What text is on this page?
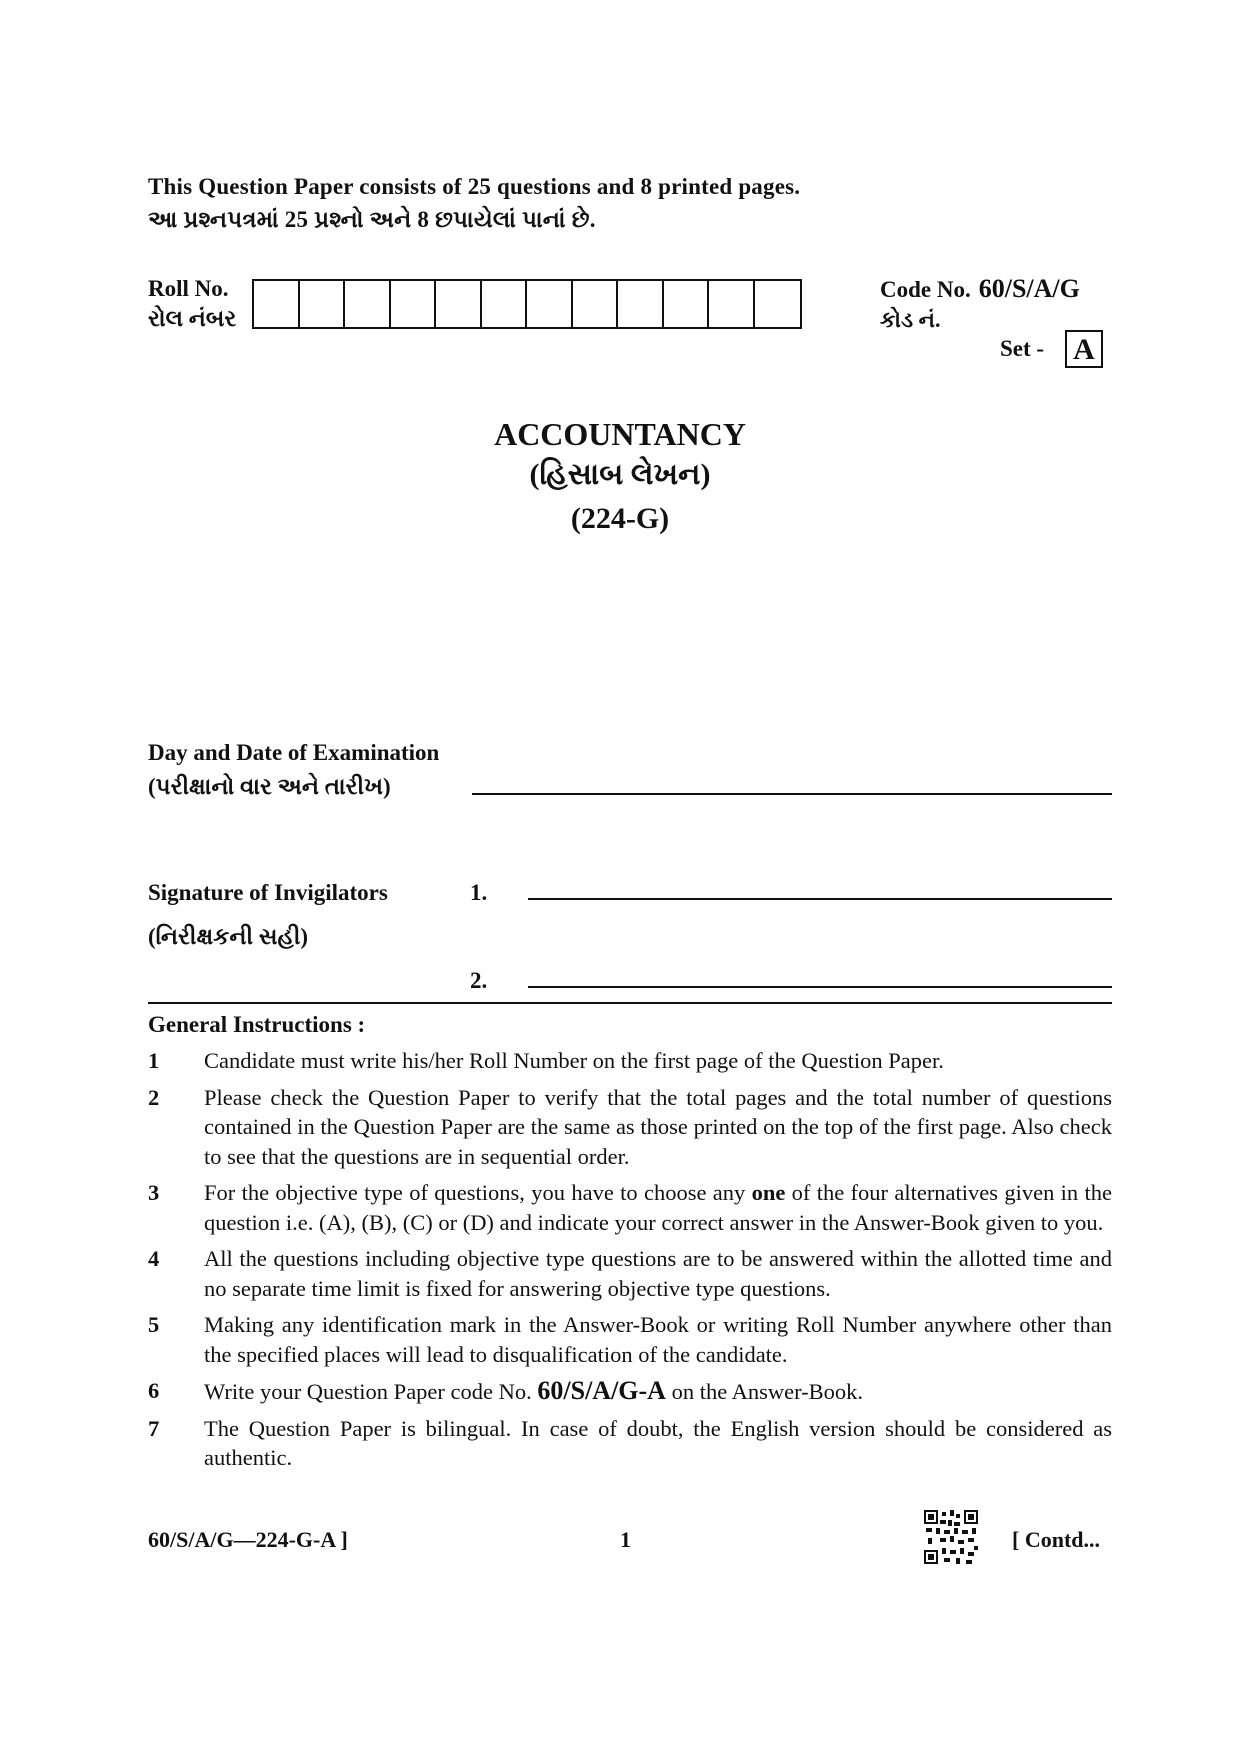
This Question Paper consists of 25 questions and 8 printed pages.
આ પ્રશ્નપત્રમાં 25 પ્રશ્નો અને 8 છપાયેલાં પાનાં છે.
Roll No.
રોલ નંબર
Code No. 60/S/A/G
કોડ નં.
Set - A
ACCOUNTANCY
(હિસાબ લેખન)
(224-G)
Day and Date of Examination
(પરીક્ષાનો વાર અને તારીખ)
Signature of Invigilators
(નિરીક્ષકની સહી)
1.
2.
General Instructions :
1	Candidate must write his/her Roll Number on the first page of the Question Paper.
2	Please check the Question Paper to verify that the total pages and the total number of questions contained in the Question Paper are the same as those printed on the top of the first page. Also check to see that the questions are in sequential order.
3	For the objective type of questions, you have to choose any one of the four alternatives given in the question i.e. (A), (B), (C) or (D) and indicate your correct answer in the Answer-Book given to you.
4	All the questions including objective type questions are to be answered within the allotted time and no separate time limit is fixed for answering objective type questions.
5	Making any identification mark in the Answer-Book or writing Roll Number anywhere other than the specified places will lead to disqualification of the candidate.
6	Write your Question Paper code No. 60/S/A/G-A on the Answer-Book.
7	The Question Paper is bilingual. In case of doubt, the English version should be considered as authentic.
60/S/A/G—224-G-A ]	1	[ Contd...
